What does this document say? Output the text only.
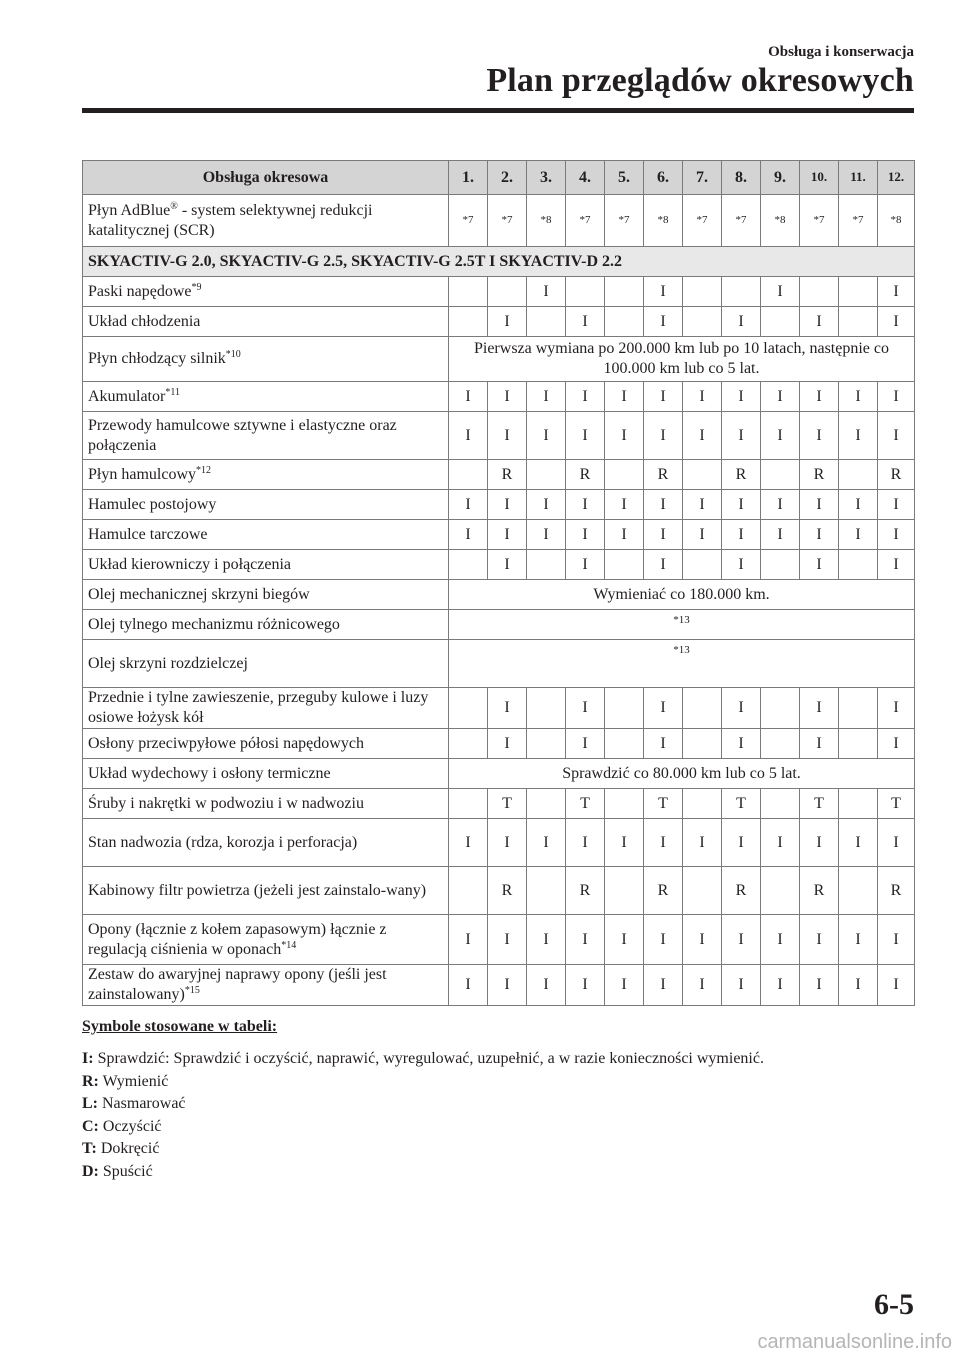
Obsługa i konserwacja
Plan przeglądów okresowych
Obsługa okresowa	1.	2.	3.	4.	5.	6.	7.	8.	9.	10.	11.	12.
Płyn AdBlue® - system selektywnej redukcji katalitycznej (SCR)	*7	*7	*8	*7	*7	*8	*7	*7	*8	*7	*7	*8
SKYACTIV-G 2.0, SKYACTIV-G 2.5, SKYACTIV-G 2.5T I SKYACTIV-D 2.2												
Paski napędowe$^{*9}$			I			I			I			I
Układ chłodzenia		I		I		I		I		I		I
Płyn chłodzący silnik$^{*10}$	Pierwsza wymiana po 200.000 km lub po 10 latach, następnie co 100.000 km lub co 5 lat.											
Akumulator$^{*11}$	I	I	I	I	I	I	I	I	I	I	I	I
Przewody hamulcowe sztywne i elastyczne oraz połączenia	I	I	I	I	I	I	I	I	I	I	I	I
Płyn hamulcowy$^{*12}$		R		R		R		R		R		R
Hamulec postojowy	I	I	I	I	I	I	I	I	I	I	I	I
Hamulce tarczowe	I	I	I	I	I	I	I	I	I	I	I	I
Układ kierowniczy i połączenia		I		I		I		I		I		I
Olej mechanicznej skrzyni biegów	Wymieniać co 180.000 km.											
Olej tylnego mechanizmu różnicowego	*13											
Olej skrzyni rozdzielczej	*13											
Przednie i tylne zawieszenie, przeguby kulowe i luzy osiowe łożysk kół		I		I		I		I		I		I
Osłony przeciwpyłowe półosi napędowych		I		I		I		I		I		I
Układ wydechowy i osłony termiczne	Sprawdzić co 80.000 km lub co 5 lat.											
Śruby i nakrętki w podwoziu i w nadwoziu		T		T		T		T		T		T
Stan nadwozia (rdza, korozja i perforacja)	I	I	I	I	I	I	I	I	I	I	I	I
Kabinowy filtr powietrza (jeżeli jest zainstalo-wany)		R		R		R		R		R		R
Opony (łącznie z kołem zapasowym) łącznie z regulacją ciśnienia w oponach$^{*14}$	I	I	I	I	I	I	I	I	I	I	I	I
Zestaw do awaryjnej naprawy opony (jeśli jest zainstalowany)$^{*15}$	I	I	I	I	I	I	I	I	I	I	I	I
Symbole stosowane w tabeli:
I: Sprawdzić: Sprawdzić i oczyścić, naprawić, wyregulować, uzupełnić, a w razie konieczności wymienić.
R: Wymienić
L: Nasmarować
C: Oczyścić
T: Dokręcić
D: Spuścić
6-5
carmanualsonline.info
